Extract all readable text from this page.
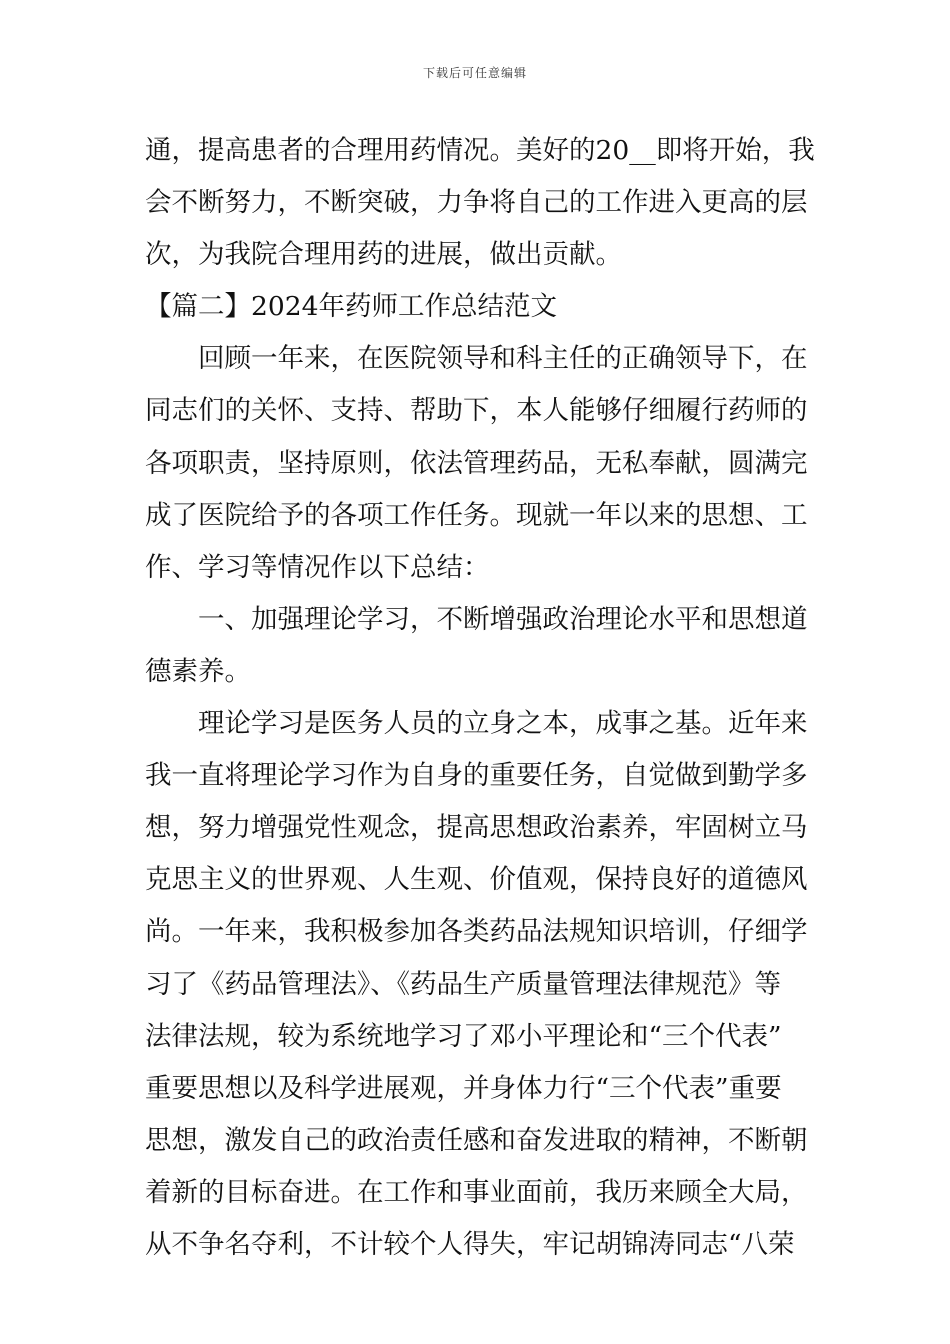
下载后可任意编辑
通，提高患者的合理用药情况。美好的20__即将开始，我
会不断努力，不断突破，力争将自己的工作进入更高的层
次，为我院合理用药的进展，做出贡献。
【篇二】2024年药师工作总结范文
回顾一年来，在医院领导和科主任的正确领导下，在
同志们的关怀、支持、帮助下，本人能够仔细履行药师的
各项职责，坚持原则，依法管理药品，无私奉献，圆满完
成了医院给予的各项工作任务。现就一年以来的思想、工
作、学习等情况作以下总结：
一、加强理论学习，不断增强政治理论水平和思想道
德素养。
理论学习是医务人员的立身之本，成事之基。近年来
我一直将理论学习作为自身的重要任务，自觉做到勤学多
想，努力增强党性观念，提高思想政治素养，牢固树立马
克思主义的世界观、人生观、价值观，保持良好的道德风
尚。一年来，我积极参加各类药品法规知识培训，仔细学
习了《药品管理法》、《药品生产质量管理法律规范》等
法律法规，较为系统地学习了邓小平理论和“三个代表”
重要思想以及科学进展观，并身体力行“三个代表”重要
思想，激发自己的政治责任感和奋发进取的精神，不断朝
着新的目标奋进。在工作和事业面前，我历来顾全大局，
从不争名夺利，不计较个人得失，牢记胡锦涛同志“八荣
